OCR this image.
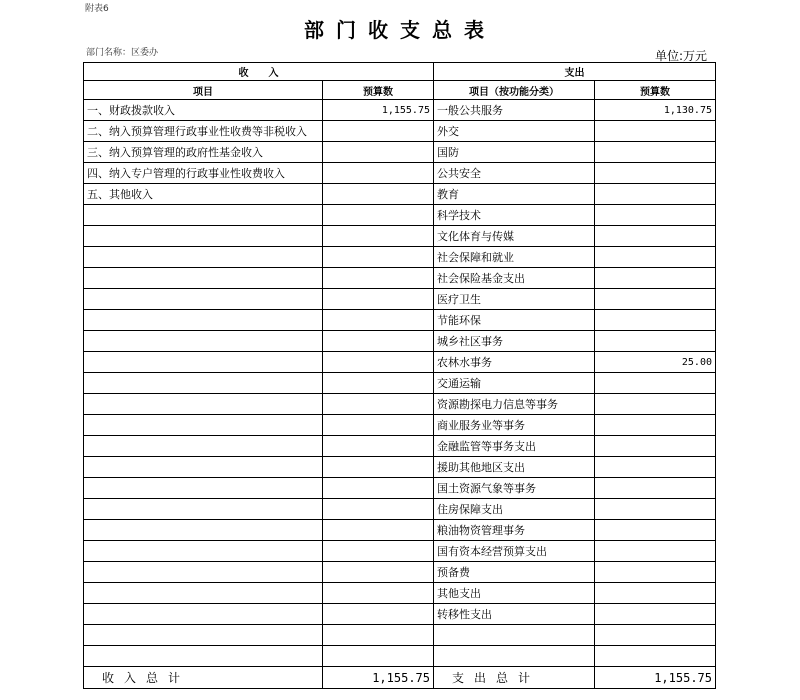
附表6
部门收支总表
部门名称：区委办	单位:万元
收　　入		支出	
项目	预算数	项目（按功能分类）	预算数
一、财政拨款收入	1,155.75	一般公共服务	1,130.75
二、纳入预算管理行政事业性收费等非税收入		外交	
三、纳入预算管理的政府性基金收入		国防	
四、纳入专户管理的行政事业性收费收入		公共安全	
五、其他收入		教育	
		科学技术	
		文化体育与传媒	
		社会保障和就业	
		社会保险基金支出	
		医疗卫生	
		节能环保	
		城乡社区事务	
		农林水事务	25.00
		交通运输	
		资源勘探电力信息等事务	
		商业服务业等事务	
		金融监管等事务支出	
		援助其他地区支出	
		国土资源气象等事务	
		住房保障支出	
		粮油物资管理事务	
		国有资本经营预算支出	
		预备费	
		其他支出	
		转移性支出	

收入总计	1,155.75	支出总计	1,155.75
